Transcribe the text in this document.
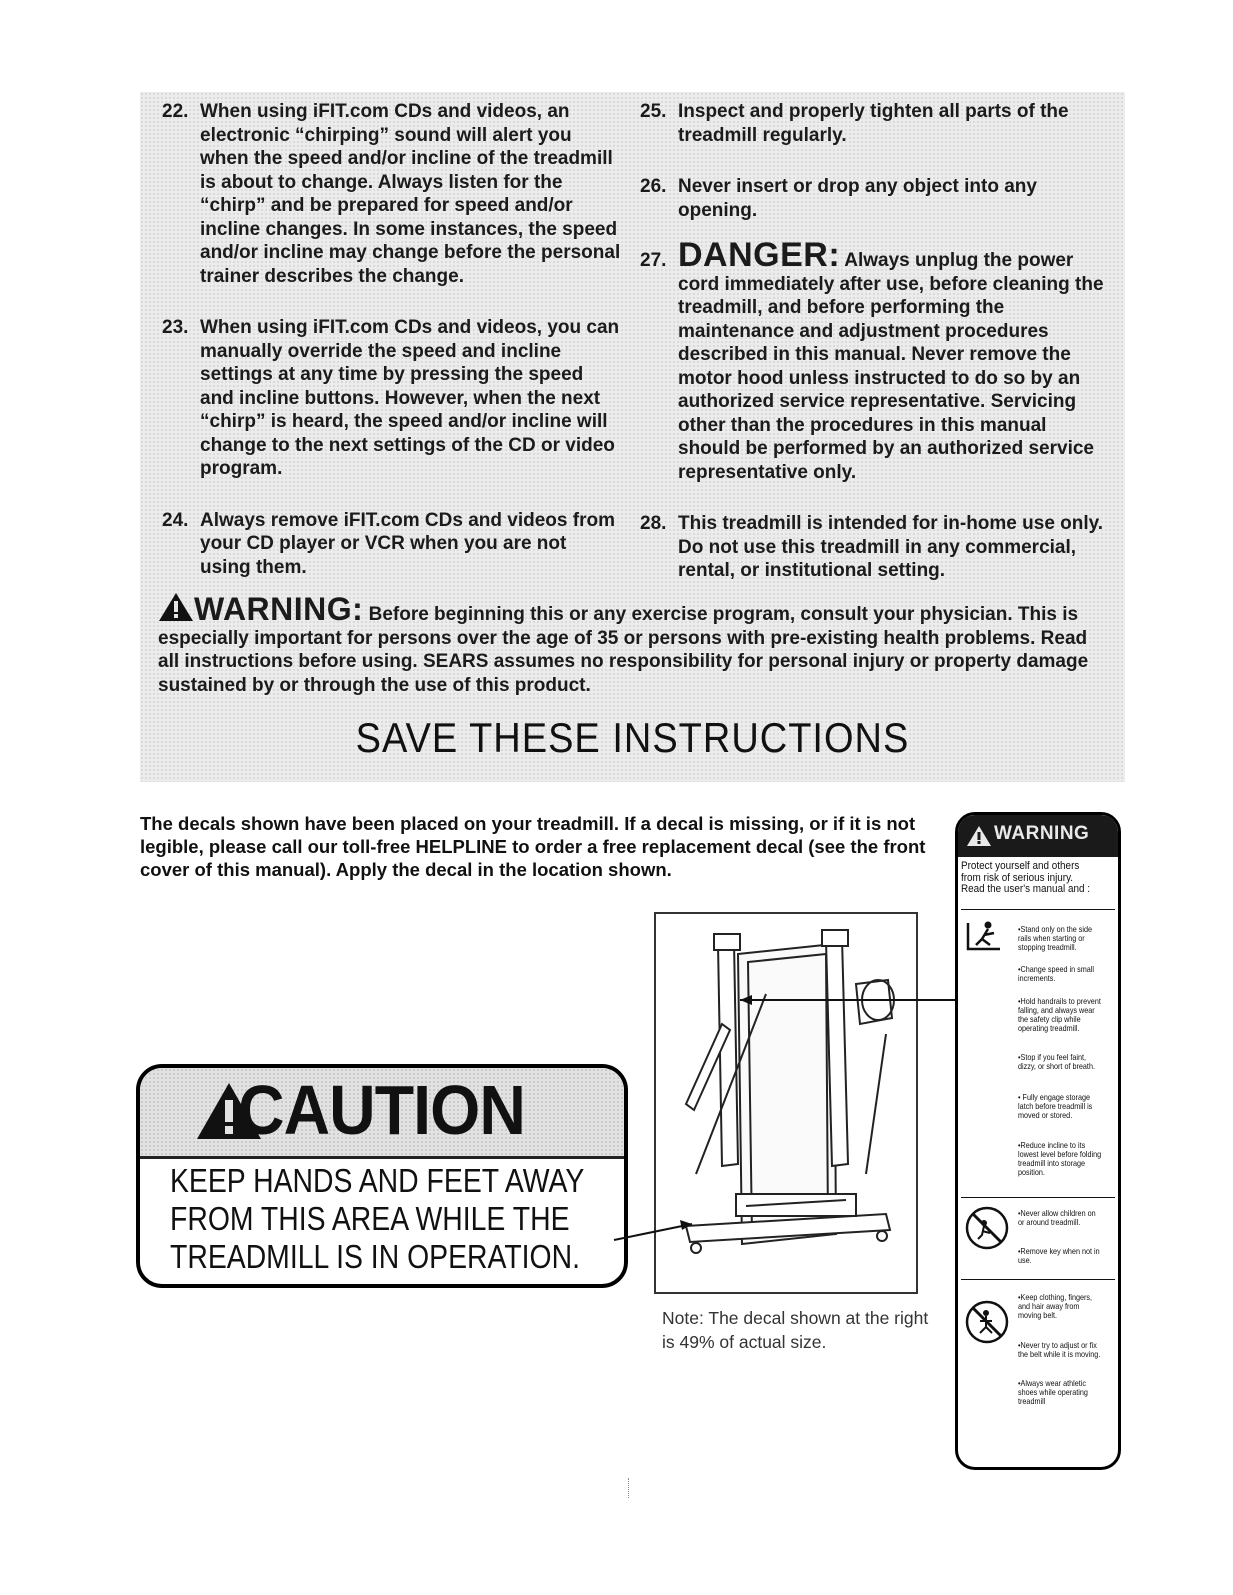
22. When using iFIT.com CDs and videos, an electronic “chirping” sound will alert you when the speed and/or incline of the treadmill is about to change. Always listen for the “chirp” and be prepared for speed and/or incline changes. In some instances, the speed and/or incline may change before the personal trainer describes the change.

23. When using iFIT.com CDs and videos, you can manually override the speed and incline settings at any time by pressing the speed and incline buttons. However, when the next “chirp” is heard, the speed and/or incline will change to the next settings of the CD or video program.

24. Always remove iFIT.com CDs and videos from your CD player or VCR when you are not using them.

25. Inspect and properly tighten all parts of the treadmill regularly.

26. Never insert or drop any object into any opening.

27. DANGER: Always unplug the power cord immediately after use, before cleaning the treadmill, and before performing the maintenance and adjustment procedures described in this manual. Never remove the motor hood unless instructed to do so by an authorized service representative. Servicing other than the procedures in this manual should be performed by an authorized service representative only.

28. This treadmill is intended for in-home use only. Do not use this treadmill in any commercial, rental, or institutional setting.

WARNING: Before beginning this or any exercise program, consult your physician. This is especially important for persons over the age of 35 or persons with pre-existing health problems. Read all instructions before using. SEARS assumes no responsibility for personal injury or property damage sustained by or through the use of this product.
SAVE THESE INSTRUCTIONS
The decals shown have been placed on your treadmill. If a decal is missing, or if it is not legible, please call our toll-free HELPLINE to order a free replacement decal (see the front cover of this manual). Apply the decal in the location shown.
CAUTION
KEEP HANDS AND FEET AWAY
FROM THIS AREA WHILE THE
TREADMILL IS IN OPERATION.
Note: The decal shown at the right is 49% of actual size.
WARNING
Protect yourself and others from risk of serious injury. Read the user's manual and :
•Stand only on the side rails when starting or stopping treadmill.
•Change speed in small increments.
•Hold handrails to prevent falling, and always wear the safety clip while operating treadmill.
•Stop if you feel faint, dizzy, or short of breath.
• Fully engage storage latch before treadmill is moved or stored.
•Reduce incline to its lowest level before folding treadmill into storage position.
•Never allow children on or around treadmill.
•Remove key when not in use.
•Keep clothing, fingers, and hair away from moving belt.
•Never try to adjust or fix the belt while it is moving.
•Always wear athletic shoes while operating treadmill
